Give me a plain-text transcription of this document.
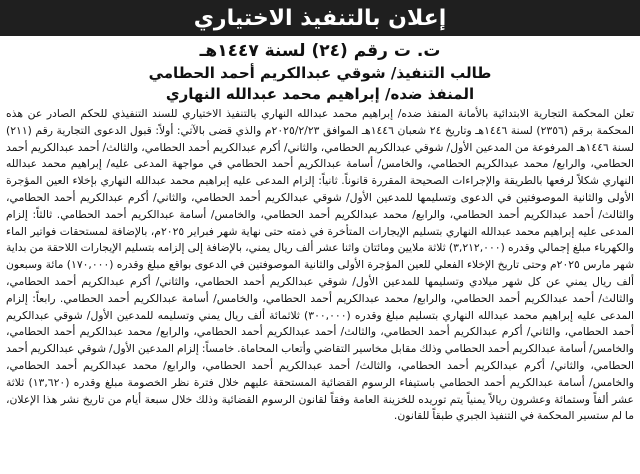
إعلان بالتنفيذ الاختياري
ت. ت رقم (٢٤) لسنة ١٤٤٧هـ
طالب التنفيذ/ شوقي عبدالكريم أحمد الحطامي
المنفذ ضده/ إبراهيم محمد عبدالله النهاري
تعلن المحكمة التجارية الابتدائية بالأمانة المنفذ ضده/ إبراهيم محمد عبدالله النهاري بالتنفيذ الاختياري للسند التنفيذي للحكم الصادر عن هذه المحكمة برقم (٢٣٥٦) لسنة ١٤٤٦هـ وتاريخ ٢٤ شعبان ١٤٤٦هـ الموافق ٢٠٢٥/٢/٢٣م والذي قضى بالآتي: أولاً: قبول الدعوى التجارية رقم (٢١١) لسنة ١٤٤٦هـ المرفوعة من المدعين الأول/ شوقي عبدالكريم الحطامي، والثاني/ أكرم عبدالكريم أحمد الحطامي، والثالث/ أحمد عبدالكريم أحمد الحطامي، والرابع/ محمد عبدالكريم الحطامي، والخامس/ أسامة عبدالكريم أحمد الحطامي في مواجهة المدعى عليه/ إبراهيم محمد عبدالله النهاري شكلاً لرفعها بالطريقة والإجراءات الصحيحة المقررة قانوناً. ثانياً: إلزام المدعى عليه إبراهيم محمد عبدالله النهاري بإخلاء العين المؤجرة الأولى والثانية الموصوفتين في الدعوى وتسليمها للمدعين الأول/ شوقي عبدالكريم أحمد الحطامي، والثاني/ أكرم عبدالكريم أحمد الحطامي، والثالث/ أحمد عبدالكريم أحمد الحطامي، والرابع/ محمد عبدالكريم أحمد الحطامي، والخامس/ أسامة عبدالكريم أحمد الحطامي. ثالثاً: إلزام المدعى عليه إبراهيم محمد عبدالله النهاري بتسليم الإيجارات المتأخرة في ذمته حتى نهاية شهر فبراير ٢٠٢٥م، بالإضافة لمستحقات فواتير الماء والكهرباء مبلغ إجمالي وقدره (٣,٢١٢,٠٠٠) ثلاثة ملايين ومائتان واثنا عشر ألف ريال يمني، بالإضافة إلى إلزامه بتسليم الإيجارات اللاحقة من بداية شهر مارس ٢٠٢٥م وحتى تاريخ الإخلاء الفعلي للعين المؤجرة الأولى والثانية الموصوفتين في الدعوى بواقع مبلغ وقدره (١٧٠,٠٠٠) مائة وسبعون ألف ريال يمني عن كل شهر ميلادي وتسليمها للمدعين الأول/ شوقي عبدالكريم أحمد الحطامي، والثاني/ أكرم عبدالكريم أحمد الحطامي، والثالث/ أحمد عبدالكريم أحمد الحطامي، والرابع/ محمد عبدالكريم أحمد الحطامي، والخامس/ أسامة عبدالكريم أحمد الحطامي. رابعاً: إلزام المدعى عليه إبراهيم محمد عبدالله النهاري بتسليم مبلغ وقدره (٣٠٠,٠٠٠) ثلاثمائة ألف ريال يمني وتسليمه للمدعين الأول/ شوقي عبدالكريم أحمد الحطامي، والثاني/ أكرم عبدالكريم أحمد الحطامي، والثالث/ أحمد عبدالكريم أحمد الحطامي، والرابع/ محمد عبدالكريم أحمد الحطامي، والخامس/ أسامة عبدالكريم أحمد الحطامي وذلك مقابل مخاسير التقاضي وأتعاب المحاماة. خامساً: إلزام المدعين الأول/ شوقي عبدالكريم أحمد الحطامي، والثاني/ أكرم عبدالكريم أحمد الحطامي، والثالث/ أحمد عبدالكريم أحمد الحطامي، والرابع/ محمد عبدالكريم أحمد الحطامي، والخامس/ أسامة عبدالكريم أحمد الحطامي باستيفاء الرسوم القضائية المستحقة عليهم خلال فترة نظر الخصومة مبلغ وقدره (١٣,٦٢٠) ثلاثة عشر ألفاً وستمائة وعشرون ريالاً يمنياً يتم توريده للخزينة العامة وفقاً لقانون الرسوم القضائية وذلك خلال سبعة أيام من تاريخ نشر هذا الإعلان، ما لم ستسير المحكمة في التنفيذ الجبري طبقاً للقانون.
